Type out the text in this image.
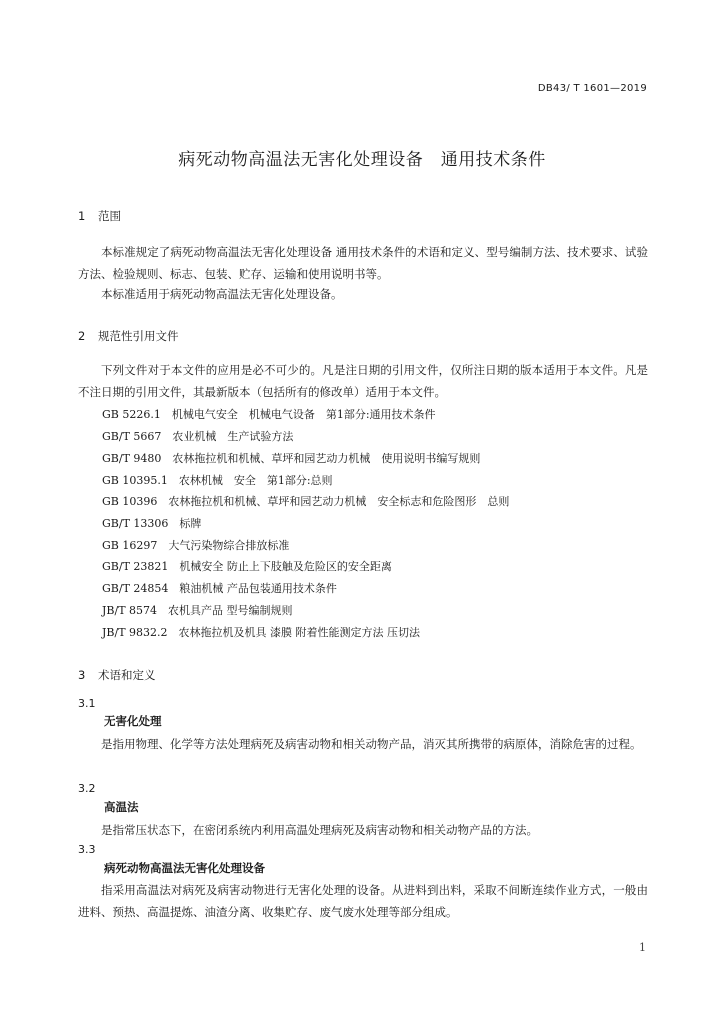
DB43/ T 1601—2019
病死动物高温法无害化处理设备　通用技术条件
1 范围
本标准规定了病死动物高温法无害化处理设备 通用技术条件的术语和定义、型号编制方法、技术要求、试验方法、检验规则、标志、包装、贮存、运输和使用说明书等。
本标准适用于病死动物高温法无害化处理设备。
2 规范性引用文件
下列文件对于本文件的应用是必不可少的。凡是注日期的引用文件，仅所注日期的版本适用于本文件。凡是不注日期的引用文件，其最新版本（包括所有的修改单）适用于本文件。
GB 5226.1　机械电气安全　机械电气设备　第1部分:通用技术条件
GB/T 5667　农业机械　生产试验方法
GB/T 9480　农林拖拉机和机械、草坪和园艺动力机械　使用说明书编写规则
GB 10395.1　农林机械　安全　第1部分:总则
GB 10396　农林拖拉机和机械、草坪和园艺动力机械　安全标志和危险图形　总则
GB/T 13306　标牌
GB 16297　大气污染物综合排放标准
GB/T 23821　机械安全 防止上下肢触及危险区的安全距离
GB/T 24854　粮油机械 产品包装通用技术条件
JB/T 8574　农机具产品 型号编制规则
JB/T 9832.2　农林拖拉机及机具 漆膜 附着性能测定方法 压切法
3 术语和定义
3.1
无害化处理
是指用物理、化学等方法处理病死及病害动物和相关动物产品，消灭其所携带的病原体，消除危害的过程。
3.2
高温法
是指常压状态下，在密闭系统内利用高温处理病死及病害动物和相关动物产品的方法。
3.3
病死动物高温法无害化处理设备
指采用高温法对病死及病害动物进行无害化处理的设备。从进料到出料，采取不间断连续作业方式，一般由进料、预热、高温提炼、油渣分离、收集贮存、废气废水处理等部分组成。
1
